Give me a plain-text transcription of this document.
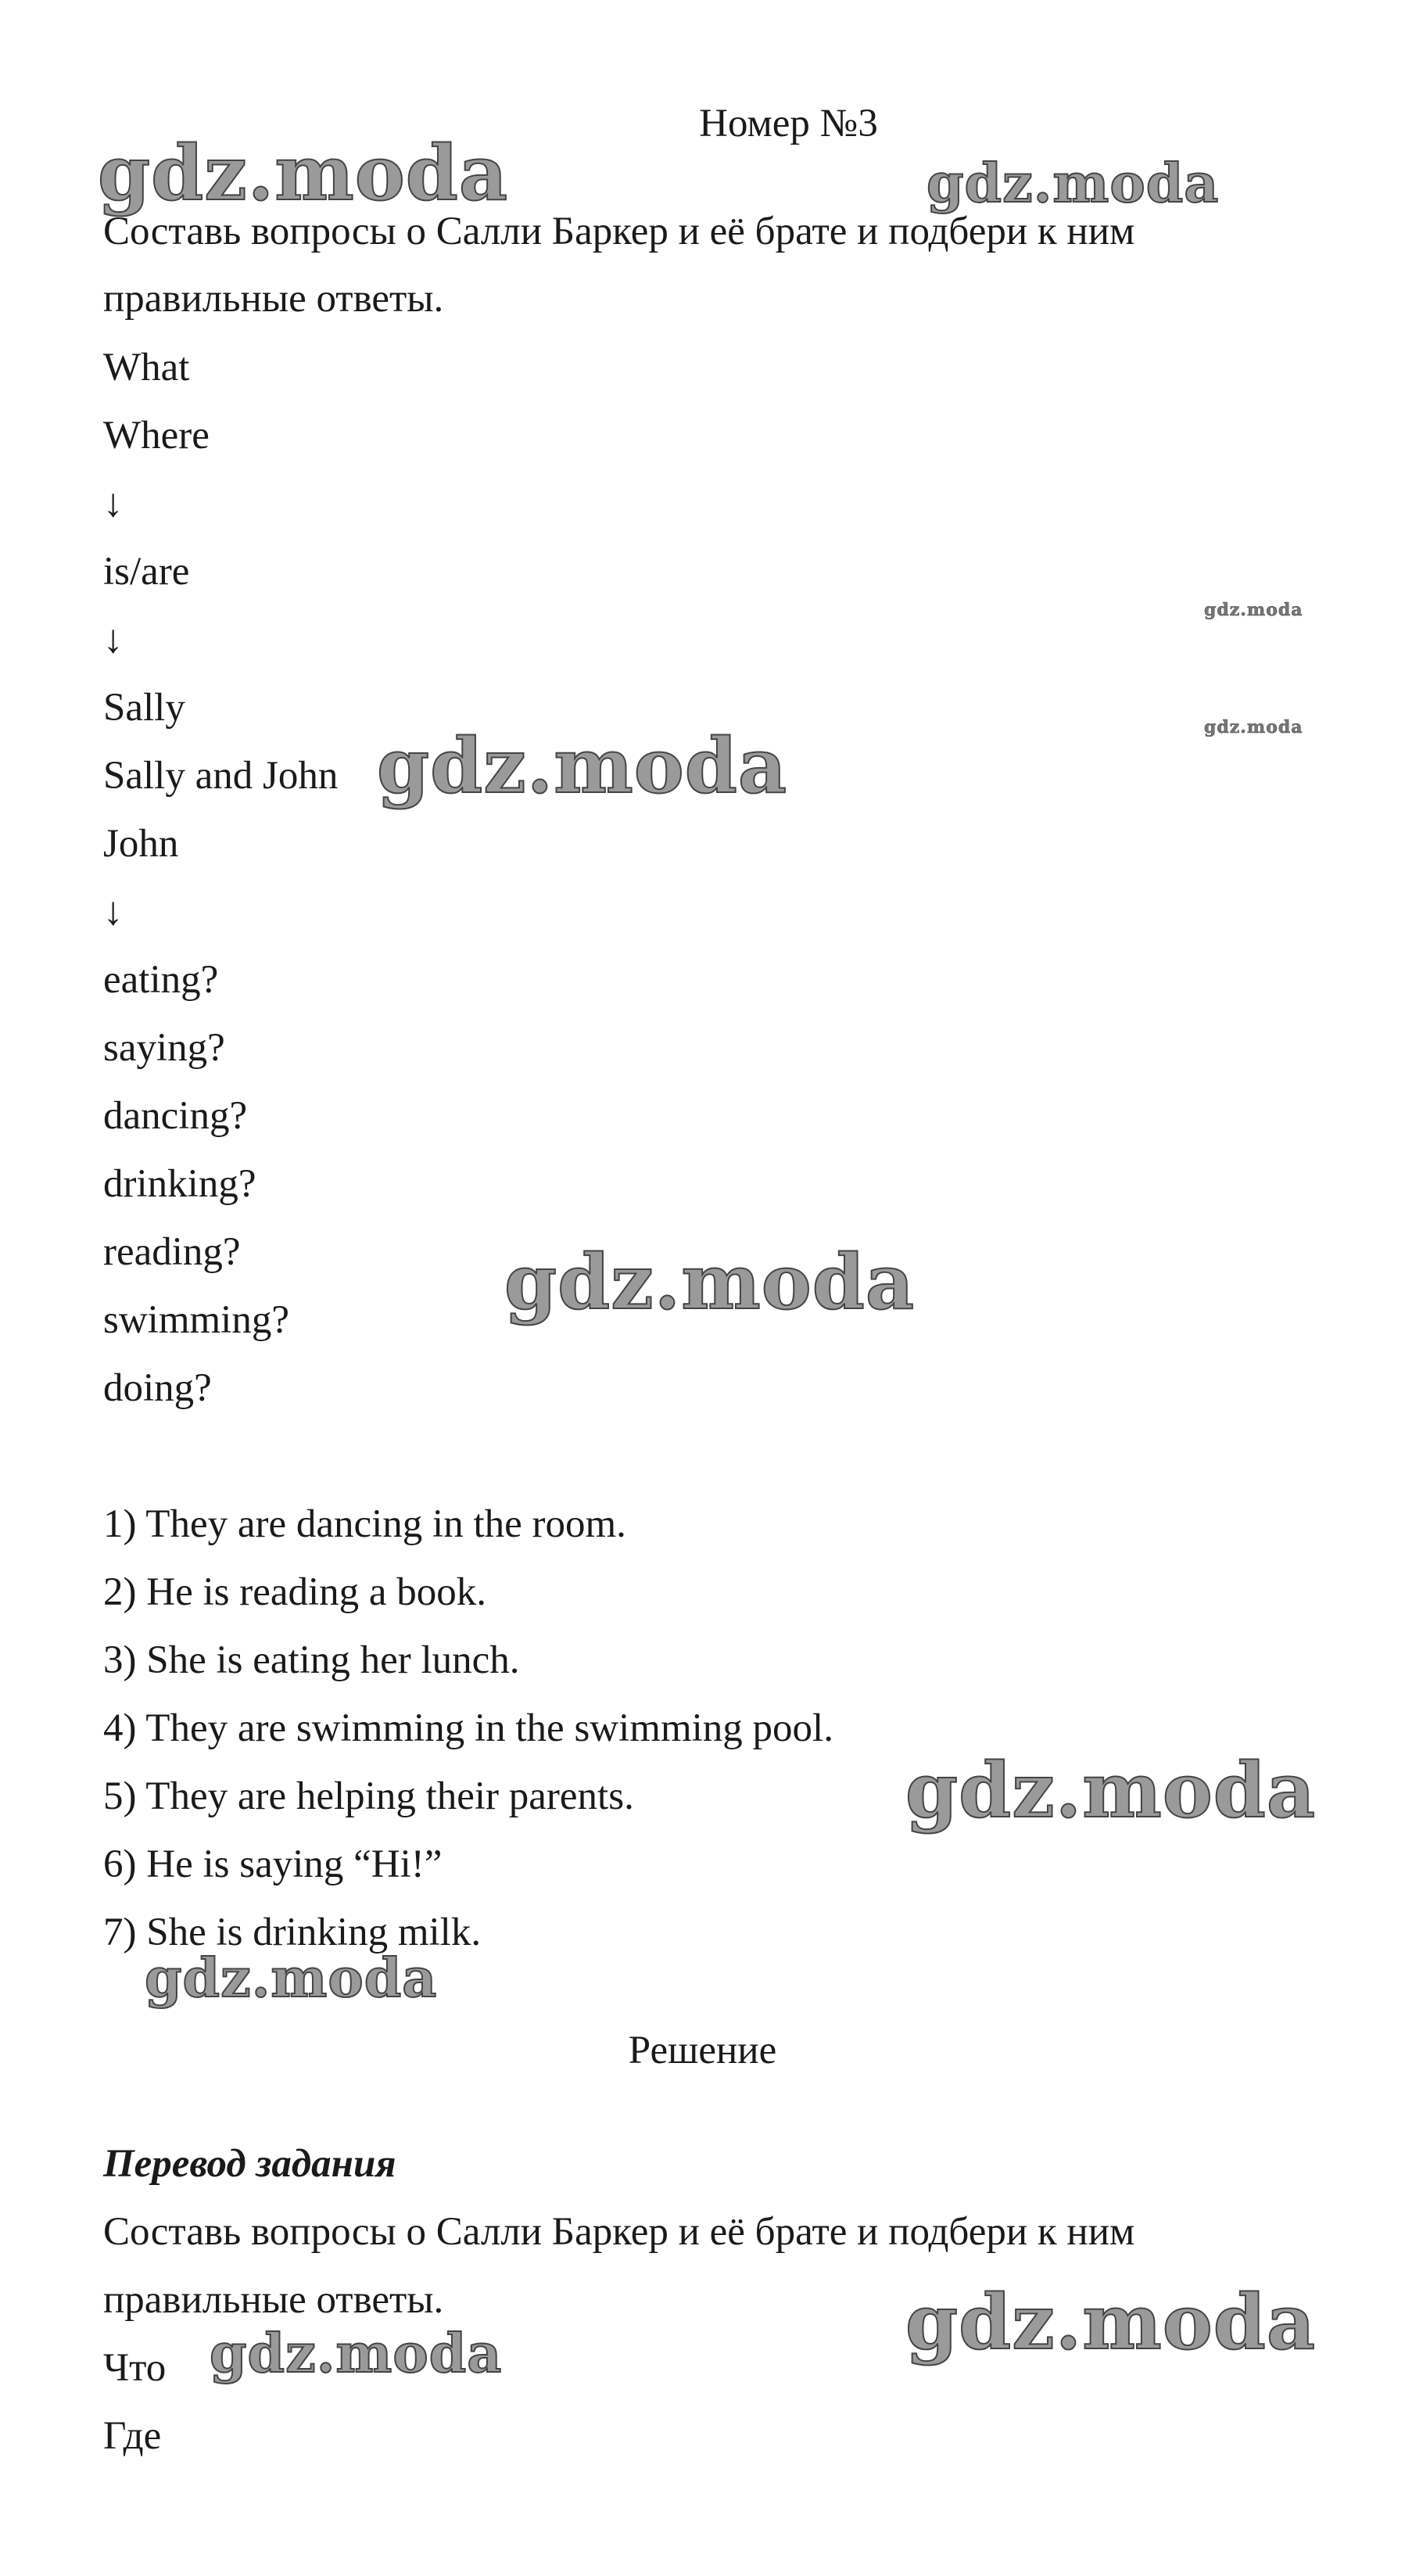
Номер №3
Составь вопросы о Салли Баркер и её брате и подбери к ним
правильные ответы.
What
Where
↓
is/are
↓
Sally
Sally and John
John
↓
eating?
saying?
dancing?
drinking?
reading?
swimming?
doing?
1) They are dancing in the room.
2) He is reading a book.
3) She is eating her lunch.
4) They are swimming in the swimming pool.
5) They are helping their parents.
6) He is saying “Hi!”
7) She is drinking milk.
Решение
Перевод задания
Составь вопросы о Салли Баркер и её брате и подбери к ним
правильные ответы.
Что
Где
gdz.moda	gdz.moda
gdz.moda
gdz.moda
gdz.moda
gdz.moda
gdz.moda
gdz.moda
gdz.moda
gdz.moda
